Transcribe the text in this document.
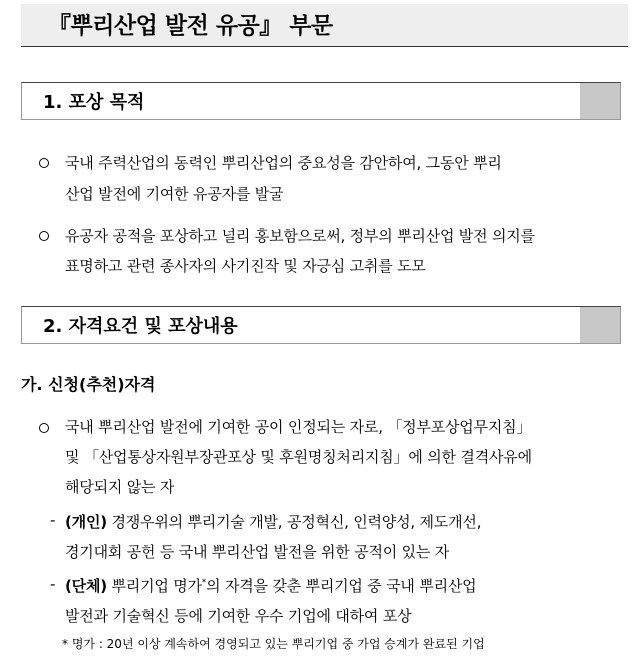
『뿌리산업 발전 유공』 부문
1. 포상 목적
국내 주력산업의 동력인 뿌리산업의 중요성을 감안하여, 그동안 뿌리
산업 발전에 기여한 유공자를 발굴
유공자 공적을 포상하고 널리 홍보함으로써, 정부의 뿌리산업 발전 의지를
표명하고 관련 종사자의 사기진작 및 자긍심 고취를 도모
2. 자격요건 및 포상내용
가. 신청(추천)자격
국내 뿌리산업 발전에 기여한 공이 인정되는 자로, 「정부포상업무지침」
및 「산업통상자원부장관포상 및 후원명칭처리지침」에 의한 결격사유에
해당되지 않는 자
- (개인) 경쟁우위의 뿌리기술 개발, 공정혁신, 인력양성, 제도개선,
경기대회 공헌 등 국내 뿌리산업 발전을 위한 공적이 있는 자
- (단체) 뿌리기업 명가*의 자격을 갖춘 뿌리기업 중 국내 뿌리산업
발전과 기술혁신 등에 기여한 우수 기업에 대하여 포상
* 명가 : 20년 이상 계속하여 경영되고 있는 뿌리기업 중 가업 승계가 완료된 기업
